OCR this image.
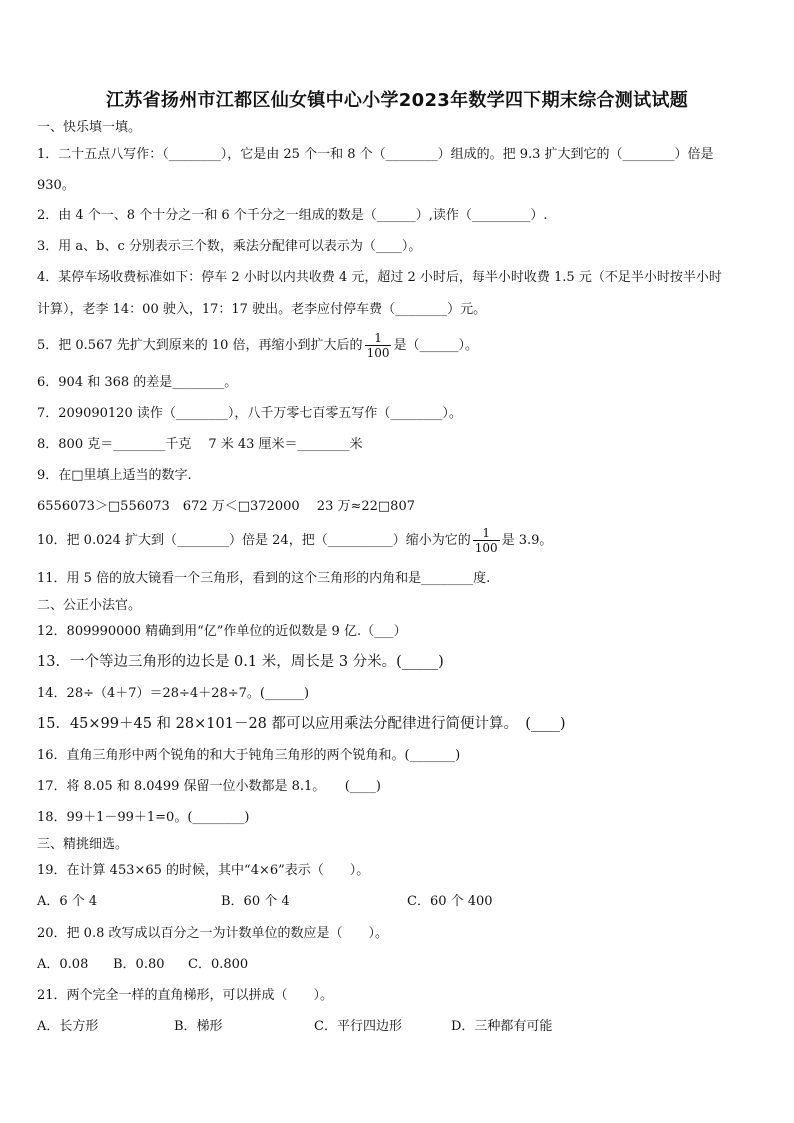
江苏省扬州市江都区仙女镇中心小学2023年数学四下期末综合测试试题
一、快乐填一填。
1．二十五点八写作：（________），它是由 25 个一和 8 个（________）组成的。把 9.3 扩大到它的（________）倍是
930。
2．由 4 个一、8 个十分之一和 6 个千分之一组成的数是（______）,读作（_________）.
3．用 a、b、c 分别表示三个数，乘法分配律可以表示为（____）。
4．某停车场收费标准如下：停车 2 小时以内共收费 4 元，超过 2 小时后，每半小时收费 1.5 元（不足半小时按半小时
计算），老李 14：00 驶入，17：17 驶出。老李应付停车费（________）元。
5．把 0.567 先扩大到原来的 10 倍，再缩小到扩大后的 $\frac{1}{100}$ 是（______）。
6．904 和 368 的差是________。
7．209090120 读作（________），八千万零七百零五写作（________）。
8．800 克＝________千克　 7 米 43 厘米＝________米
9．在□里填上适当的数字.
6556073＞□556073　672 万＜□372000　 23 万≈22□807
10．把 0.024 扩大到（________）倍是 24，把（__________）缩小为它的 $\frac{1}{100}$ 是 3.9。
11．用 5 倍的放大镜看一个三角形，看到的这个三角形的内角和是________度.
二、公正小法官。
12．809990000 精确到用“亿”作单位的近似数是 9 亿.（___）
13．一个等边三角形的边长是 0.1 米，周长是 3 分米。(_____)
14．28÷（4＋7）＝28÷4＋28÷7。(______)
15．45×99＋45 和 28×101－28 都可以应用乘法分配律进行简便计算。　(____)
16．直角三角形中两个锐角的和大于钝角三角形的两个锐角和。(_______)
17．将 8.05 和 8.0499 保留一位小数都是 8.1。　　(____)
18．99＋1－99＋1=0。(________)
三、精挑细选。
19．在计算 453×65 的时候，其中“4×6”表示（　　）。
A．6 个 4	B．60 个 4	C．60 个 400
20．把 0.8 改写成以百分之一为计数单位的数应是（　　）。
A．0.08 B．0.80 C．0.800
21．两个完全一样的直角梯形，可以拼成（　　）。
A．长方形	B．梯形	C．平行四边形	D．三种都有可能
